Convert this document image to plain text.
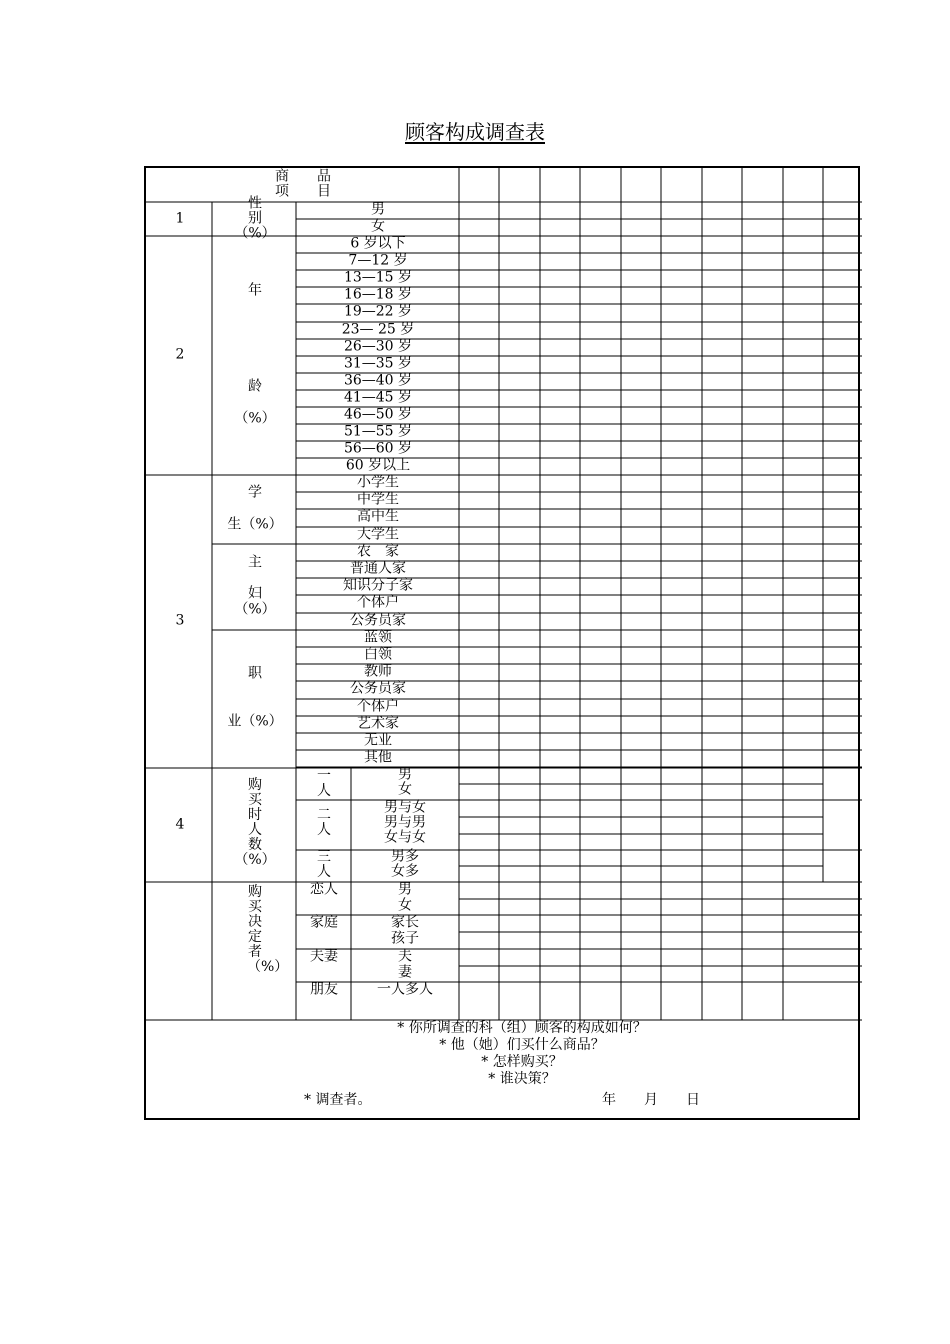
顾客构成调查表
商　　品
项　　目
1
性
别
（%）
男
女
2
年
龄
（%）
6 岁以下
7—12 岁
13—15 岁
16—18 岁
19—22 岁
23— 25 岁
26—30 岁
31—35 岁
36—40 岁
41—45 岁
46—50 岁
51—55 岁
56—60 岁
60 岁以上
3
学
生（%）
主
妇
（%）
职
业（%）
小学生
中学生
高中生
大学生
农　家
普通人家
知识分子家
个体户
公务员家
蓝领
白领
教师
公务员家
个体户
艺术家
无业
其他
4
购
买
时
人
数
（%）
一
人
二
人
三
人
男
女
男与女
男与男
女与女
男多
女多
购
买
决
定
者
（%）
恋人
家庭
夫妻
朋友
男
女
家长
孩子
夫
妻
一人多人
* 你所调查的科（组）顾客的构成如何？
* 他（她）们买什么商品？
* 怎样购买？
* 谁决策？
* 调查者。	年　　月　　日
